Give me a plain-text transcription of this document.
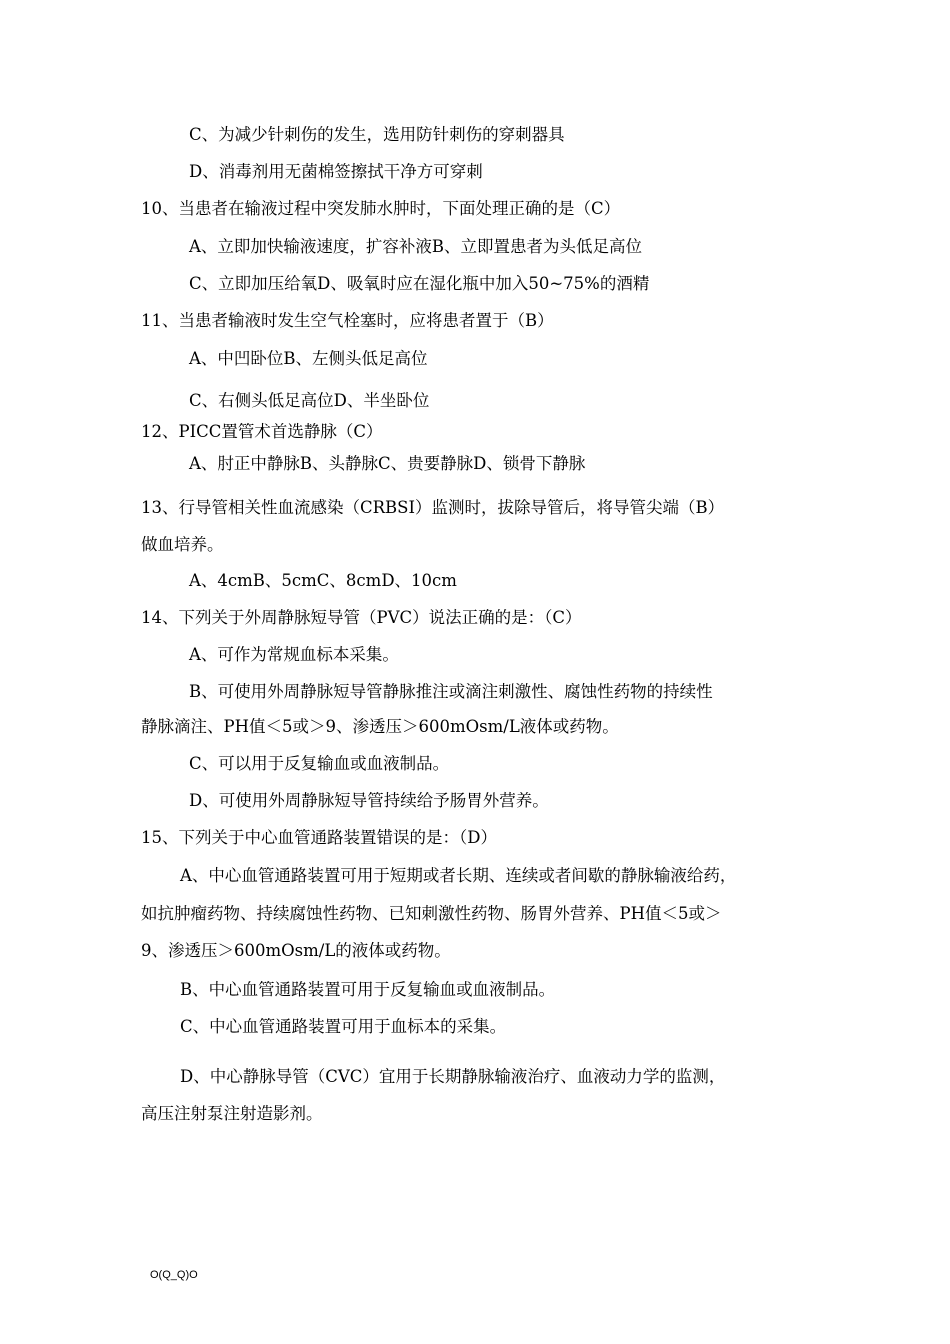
C、为减少针刺伤的发生，选用防针刺伤的穿刺器具
D、消毒剂用无菌棉签擦拭干净方可穿刺
10、当患者在输液过程中突发肺水肿时，下面处理正确的是（C）
A、立即加快输液速度，扩容补液B、立即置患者为头低足高位
C、立即加压给氧D、吸氧时应在湿化瓶中加入50~75%的酒精
11、当患者输液时发生空气栓塞时，应将患者置于（B）
A、中凹卧位B、左侧头低足高位
C、右侧头低足高位D、半坐卧位
12、PICC置管术首选静脉（C）
A、肘正中静脉B、头静脉C、贵要静脉D、锁骨下静脉
13、行导管相关性血流感染（CRBSI）监测时，拔除导管后，将导管尖端（B）
做血培养。
A、4cmB、5cmC、8cmD、10cm
14、下列关于外周静脉短导管（PVC）说法正确的是：（C）
A、可作为常规血标本采集。
B、可使用外周静脉短导管静脉推注或滴注刺激性、腐蚀性药物的持续性
静脉滴注、PH值＜5或＞9、渗透压＞600mOsm/L液体或药物。
C、可以用于反复输血或血液制品。
D、可使用外周静脉短导管持续给予肠胃外营养。
15、下列关于中心血管通路装置错误的是：（D）
A、中心血管通路装置可用于短期或者长期、连续或者间歇的静脉输液给药，
如抗肿瘤药物、持续腐蚀性药物、已知刺激性药物、肠胃外营养、PH值＜5或＞
9、渗透压＞600mOsm/L的液体或药物。
B、中心血管通路装置可用于反复输血或血液制品。
C、中心血管通路装置可用于血标本的采集。
D、中心静脉导管（CVC）宜用于长期静脉输液治疗、血液动力学的监测，
高压注射泵注射造影剂。
O(Q_Q)O
